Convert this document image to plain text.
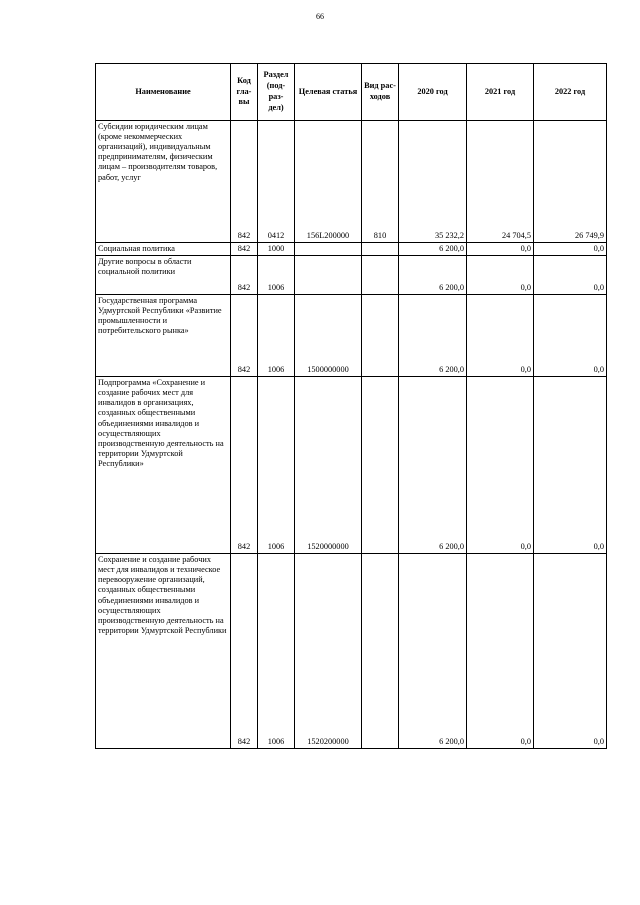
66
Наименование	Код гла- вы	Раздел (под- раз- дел)	Целевая статья	Вид рас- ходов	2020 год	2021 год	2022 год
Субсидии юридическим лицам (кроме некоммерческих организаций), индивидуальным предпринимателям, физическим лицам – производителям товаров, работ, услуг	842	0412	156L200000	810	35 232,2	24 704,5	26 749,9
Социальная политика	842	1000			6 200,0	0,0	0,0
Другие вопросы в области социальной политики	842	1006			6 200,0	0,0	0,0
Государственная программа Удмуртской Республики «Развитие промышленности и потребительского рынка»	842	1006	1500000000		6 200,0	0,0	0,0
Подпрограмма «Сохранение и создание рабочих мест для инвалидов в организациях, созданных общественными объединениями инвалидов и осуществляющих производственную деятельность на территории Удмуртской Республики»	842	1006	1520000000		6 200,0	0,0	0,0
Сохранение и создание рабочих мест для инвалидов и техническое перевооружение организаций, созданных общественными объединениями инвалидов и осуществляющих производственную деятельность на территории Удмуртской Республики	842	1006	1520200000		6 200,0	0,0	0,0
